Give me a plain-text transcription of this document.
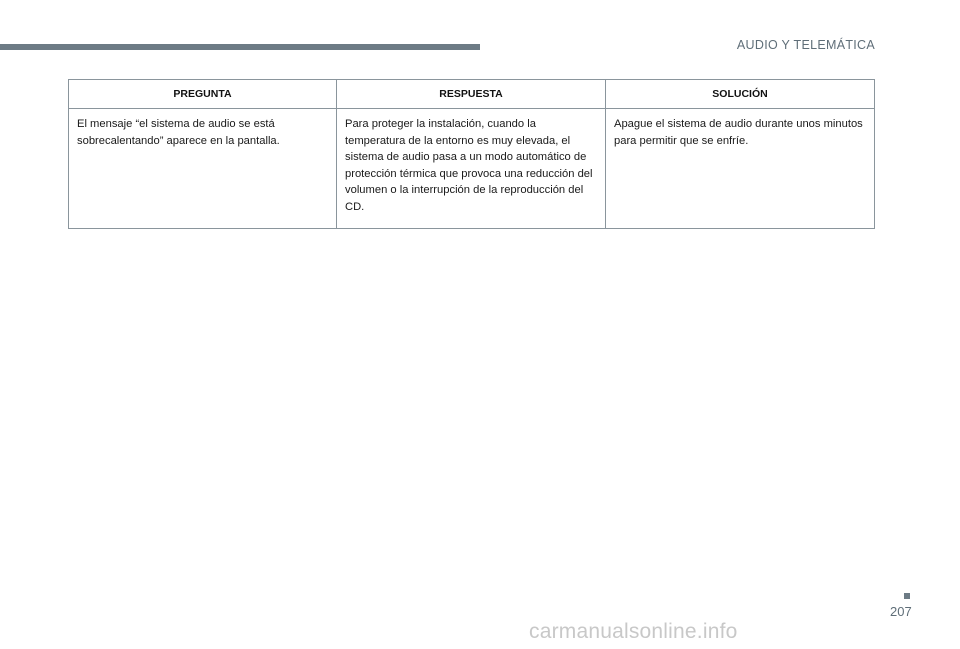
AUDIO Y TELEMÁTICA
PREGUNTA	RESPUESTA	SOLUCIÓN
El mensaje “el sistema de audio se está sobrecalentando” aparece en la pantalla.	Para proteger la instalación, cuando la temperatura de la entorno es muy elevada, el sistema de audio pasa a un modo automático de protección térmica que provoca una reducción del volumen o la interrupción de la reproducción del CD.	Apague el sistema de audio durante unos minutos para permitir que se enfríe.
207
carmanualsonline.info
